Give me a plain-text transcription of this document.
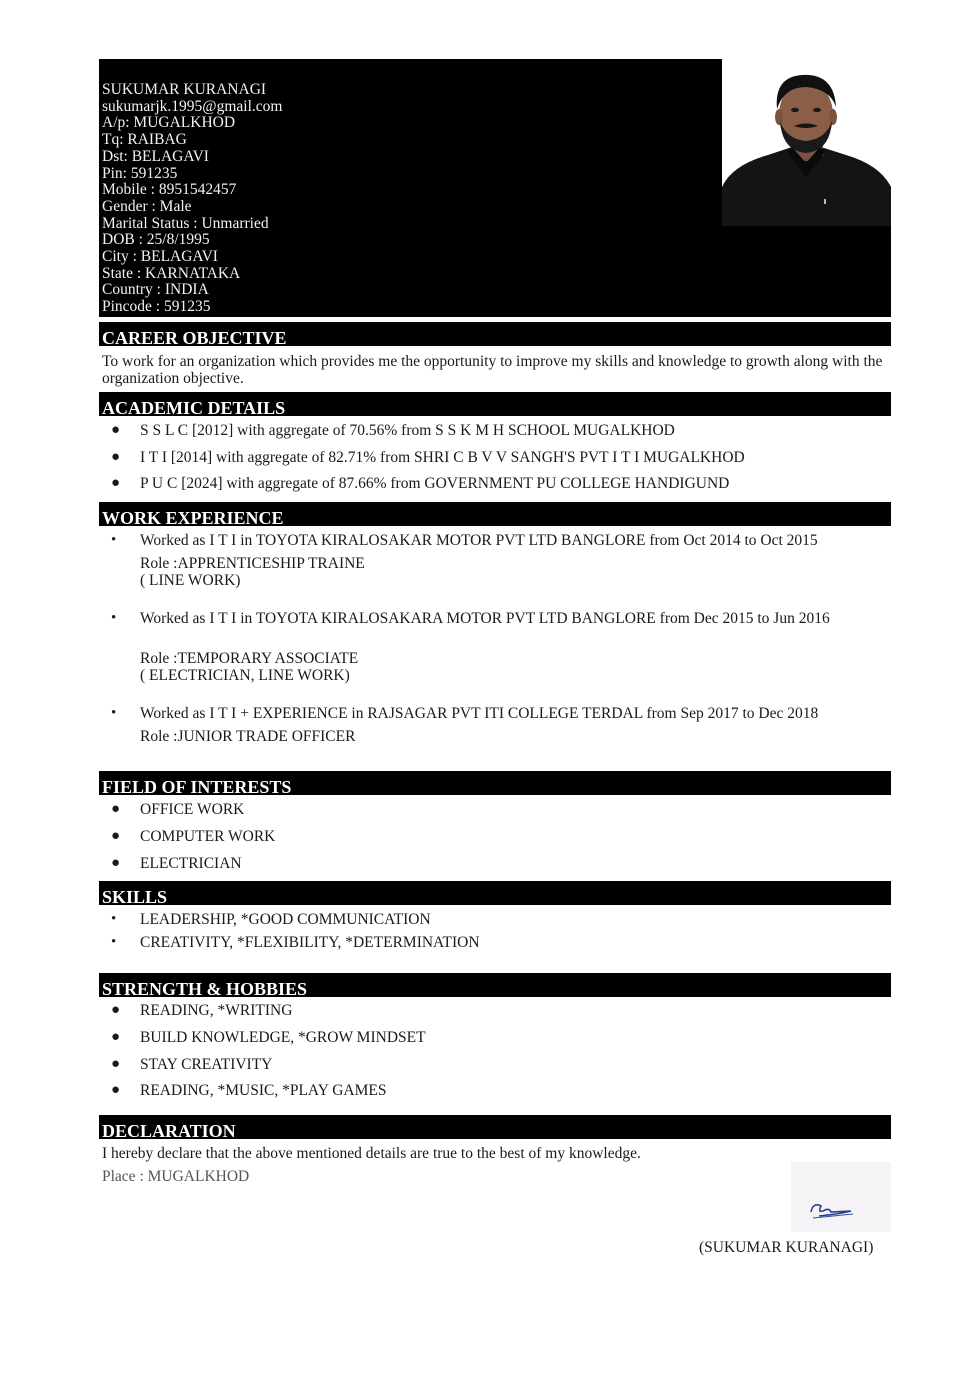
SUKUMAR KURANAGI
sukumarjk.1995@gmail.com
A/p: MUGALKHOD
Tq: RAIBAG
Dst: BELAGAVI
Pin: 591235
Mobile : 8951542457
Gender : Male
Marital Status : Unmarried
DOB : 25/8/1995
City : BELAGAVI
State : KARNATAKA
Country : INDIA
Pincode : 591235
CAREER OBJECTIVE
To work for an organization which provides me the opportunity to improve my skills and knowledge to growth along with the organization objective.
ACADEMIC DETAILS
● S S L C [2012] with aggregate of 70.56% from S S K M H SCHOOL MUGALKHOD
● I T I [2014] with aggregate of 82.71% from SHRI C B V V SANGH'S PVT I T I MUGALKHOD
● P U C [2024] with aggregate of 87.66% from GOVERNMENT PU COLLEGE HANDIGUND
WORK EXPERIENCE
• Worked as I T I in TOYOTA KIRALOSAKAR MOTOR PVT LTD BANGLORE from Oct 2014 to Oct 2015
• Worked as I T I in TOYOTA KIRALOSAKARA MOTOR PVT LTD BANGLORE from Dec 2015 to Jun 2016
• Worked as I T I + EXPERIENCE in RAJSAGAR PVT ITI COLLEGE TERDAL from Sep 2017 to Dec 2018
Role :APPRENTICESHIP TRAINE
( LINE WORK)
Role :TEMPORARY ASSOCIATE
( ELECTRICIAN, LINE WORK)
Role :JUNIOR TRADE OFFICER
FIELD OF INTERESTS
● OFFICE WORK
● COMPUTER WORK
● ELECTRICIAN
SKILLS
• LEADERSHIP, *GOOD COMMUNICATION
• CREATIVITY, *FLEXIBILITY, *DETERMINATION
STRENGTH & HOBBIES
● READING, *WRITING
● BUILD KNOWLEDGE, *GROW MINDSET
● STAY CREATIVITY
● READING, *MUSIC, *PLAY GAMES
DECLARATION
I hereby declare that the above mentioned details are true to the best of my knowledge.
Place : MUGALKHOD
(SUKUMAR KURANAGI)
